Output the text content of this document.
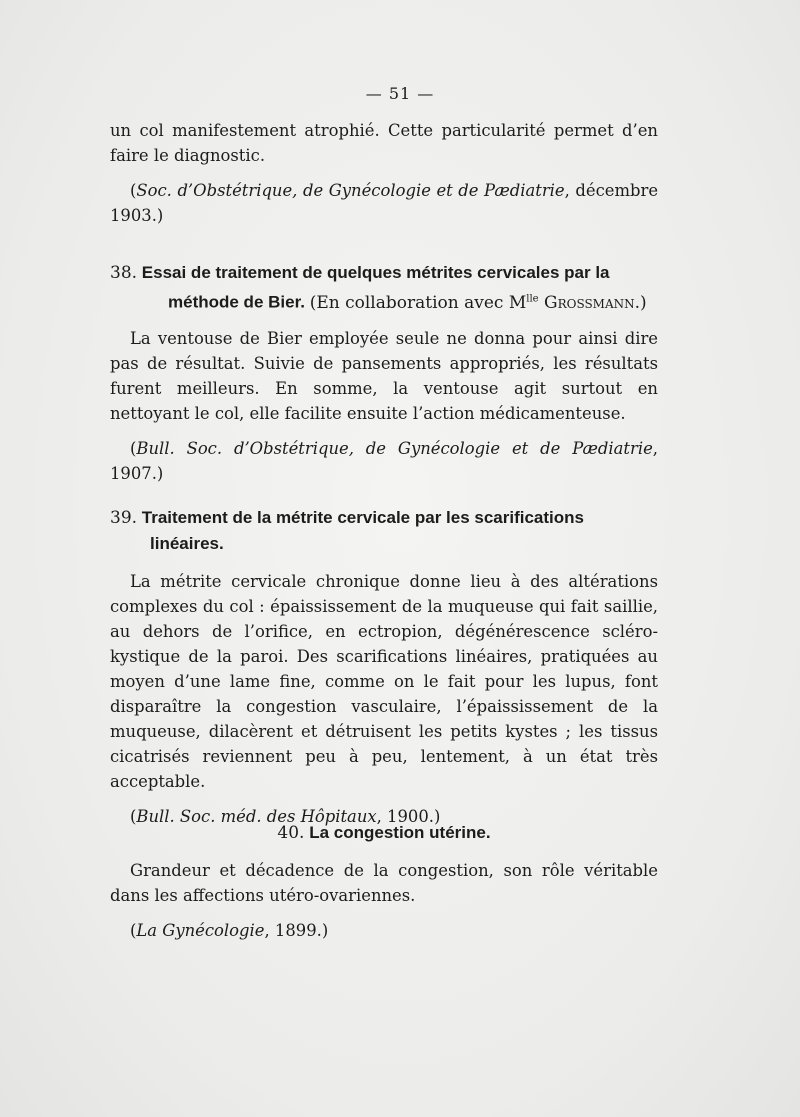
— 51 —

un col manifestement atrophié. Cette particularité permet d’en faire le diagnostic.

(Soc. d’Obstétrique, de Gynécologie et de Pædiatrie, décembre 1903.)

38. Essai de traitement de quelques métrites cervicales par la

méthode de Bier. (En collaboration avec $M^{lle}$ Grossmann.)

La ventouse de Bier employée seule ne donna pour ainsi dire pas de résultat. Suivie de pansements appropriés, les résultats furent meilleurs. En somme, la ventouse agit surtout en nettoyant le col, elle facilite ensuite l’action médicamenteuse.

(Bull. Soc. d’Obstétrique, de Gynécologie et de Pædiatrie, 1907.)

39. Traitement de la métrite cervicale par les scarifications

linéaires.

La métrite cervicale chronique donne lieu à des altérations complexes du col : épaississement de la muqueuse qui fait saillie, au dehors de l’orifice, en ectropion, dégénérescence scléro-kystique de la paroi. Des scarifications linéaires, pratiquées au moyen d’une lame fine, comme on le fait pour les lupus, font disparaître la congestion vasculaire, l’épaississement de la muqueuse, dilacèrent et détruisent les petits kystes ; les tissus cicatrisés reviennent peu à peu, lentement, à un état très acceptable.

(Bull. Soc. méd. des Hôpitaux, 1900.)

40. La congestion utérine.

Grandeur et décadence de la congestion, son rôle véritable dans les affections utéro-ovariennes.

(La Gynécologie, 1899.)
